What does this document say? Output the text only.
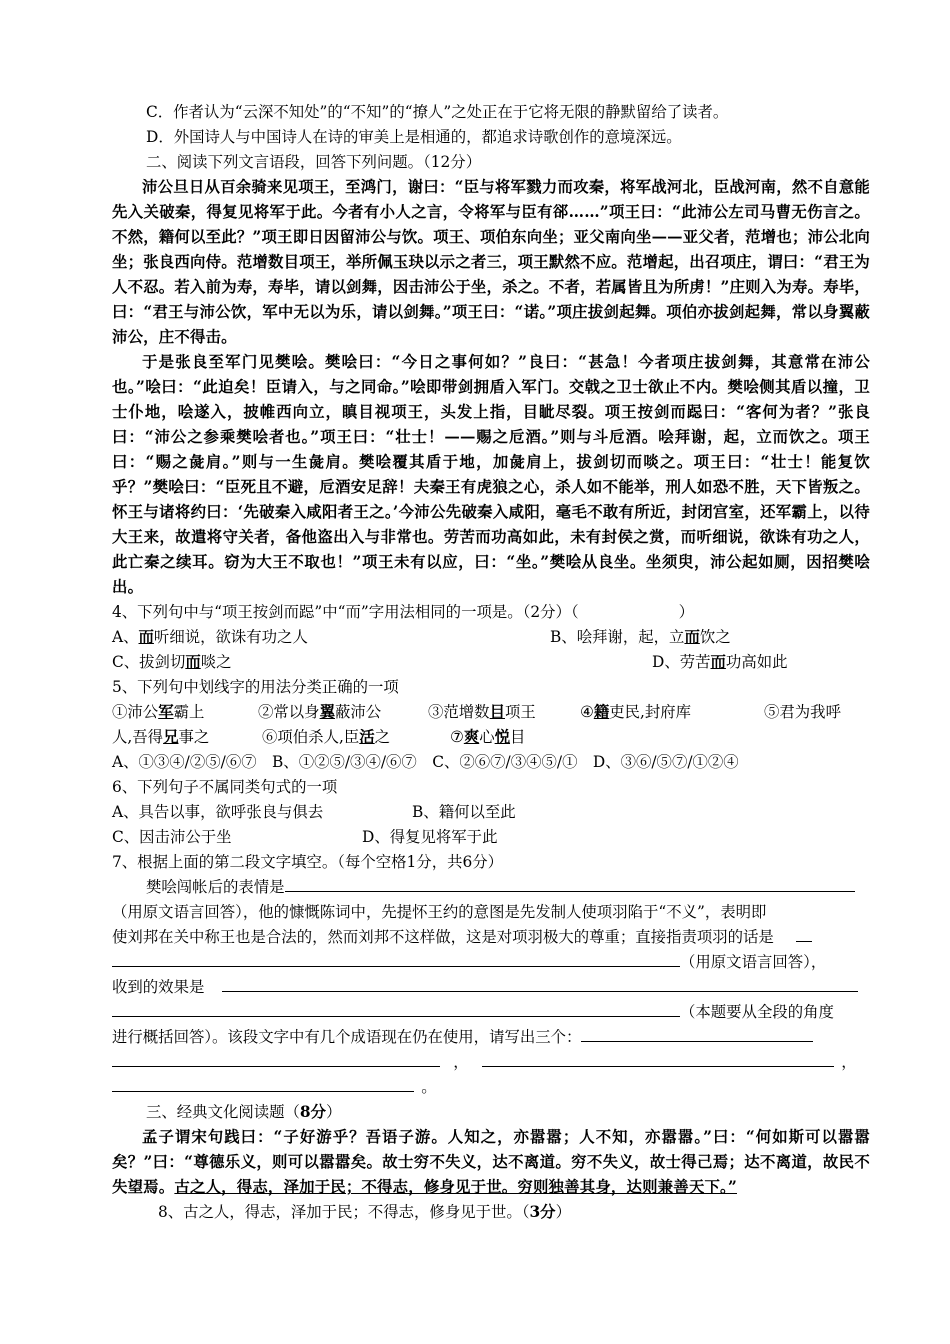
C．作者认为“云深不知处”的“不知”的“撩人”之处正在于它将无限的静默留给了读者。
D．外国诗人与中国诗人在诗的审美上是相通的，都追求诗歌创作的意境深远。
二、阅读下列文言语段，回答下列问题。（12分）

沛公旦日从百余骑来见项王，至鸿门，谢曰：“臣与将军戮力而攻秦，将军战河北，臣战河南，然不自意能先入关破秦，得复见将军于此。今者有小人之言，令将军与臣有郤……”项王曰：“此沛公左司马曹无伤言之。不然，籍何以至此？”项王即日因留沛公与饮。项王、项伯东向坐；亚父南向坐——亚父者，范增也；沛公北向坐；张良西向侍。范增数目项王，举所佩玉玦以示之者三，项王默然不应。范增起，出召项庄，谓曰：“君王为人不忍。若入前为寿，寿毕，请以剑舞，因击沛公于坐，杀之。不者，若属皆且为所虏！”庄则入为寿。寿毕，曰：“君王与沛公饮，军中无以为乐，请以剑舞。”项王曰：“诺。”项庄拔剑起舞。项伯亦拔剑起舞，常以身翼蔽沛公，庄不得击。

于是张良至军门见樊哙。樊哙曰：“今日之事何如？”良曰：“甚急！今者项庄拔剑舞，其意常在沛公也。”哙曰：“此迫矣！臣请入，与之同命。”哙即带剑拥盾入军门。交戟之卫士欲止不内。樊哙侧其盾以撞，卫士仆地，哙遂入，披帷西向立，瞋目视项王，头发上指，目眦尽裂。项王按剑而跽曰：“客何为者？”张良曰：“沛公之参乘樊哙者也。”项王曰：“壮士！——赐之卮酒。”则与斗卮酒。哙拜谢，起，立而饮之。项王曰：“赐之彘肩。”则与一生彘肩。樊哙覆其盾于地，加彘肩上，拔剑切而啖之。项王曰：“壮士！能复饮乎？”樊哙曰：“臣死且不避，卮酒安足辞！夫秦王有虎狼之心，杀人如不能举，刑人如恐不胜，天下皆叛之。怀王与诸将约曰：‘先破秦入咸阳者王之。’今沛公先破秦入咸阳，毫毛不敢有所近，封闭宫室，还军霸上，以待大王来，故遣将守关者，备他盗出入与非常也。劳苦而功高如此，未有封侯之赏，而听细说，欲诛有功之人，此亡秦之续耳。窃为大王不取也！”项王未有以应，曰：“坐。”樊哙从良坐。坐须臾，沛公起如厕，因招樊哙出。

4、下列句中与“项王按剑而跽”中“而”字用法相同的一项是。（2分）（	）
A、而听细说，欲诛有功之人	B、哙拜谢，起，立而饮之
C、拔剑切而啖之	D、劳苦而功高如此
5、下列句中划线字的用法分类正确的一项
①沛公军霸上	②常以身翼蔽沛公	③范增数目项王	④籍吏民,封府库	⑤君为我呼
人,吾得兄事之	⑥项伯杀人,臣活之	⑦爽心悦目
A、①③④/②⑤/⑥⑦　B、①②⑤/③④/⑥⑦　C、②⑥⑦/③④⑤/①　D、③⑥/⑤⑦/①②④
6、下列句子不属同类句式的一项
A、具告以事，欲呼张良与俱去	B、籍何以至此
C、因击沛公于坐	D、得复见将军于此
7、根据上面的第二段文字填空。（每个空格1分，共6分）
樊哙闯帐后的表情是
（用原文语言回答），他的慷慨陈词中，先提怀王约的意图是先发制人使项羽陷于“不义”，表明即
使刘邦在关中称王也是合法的，然而刘邦不这样做，这是对项羽极大的尊重；直接指责项羽的话是
（用原文语言回答），
收到的效果是
（本题要从全段的角度
进行概括回答）。该段文字中有几个成语现在仍在使用，请写出三个：
，	，
。
三、经典文化阅读题（8分）

孟子谓宋句践曰：“子好游乎？吾语子游。人知之，亦嚣嚣；人不知，亦嚣嚣。”曰：“何如斯可以嚣嚣矣？”曰：“尊德乐义，则可以嚣嚣矣。故士穷不失义，达不离道。穷不失义，故士得己焉；达不离道，故民不失望焉。古之人，得志，泽加于民；不得志，修身见于世。穷则独善其身，达则兼善天下。”

8、古之人，得志，泽加于民；不得志，修身见于世。（3分）
